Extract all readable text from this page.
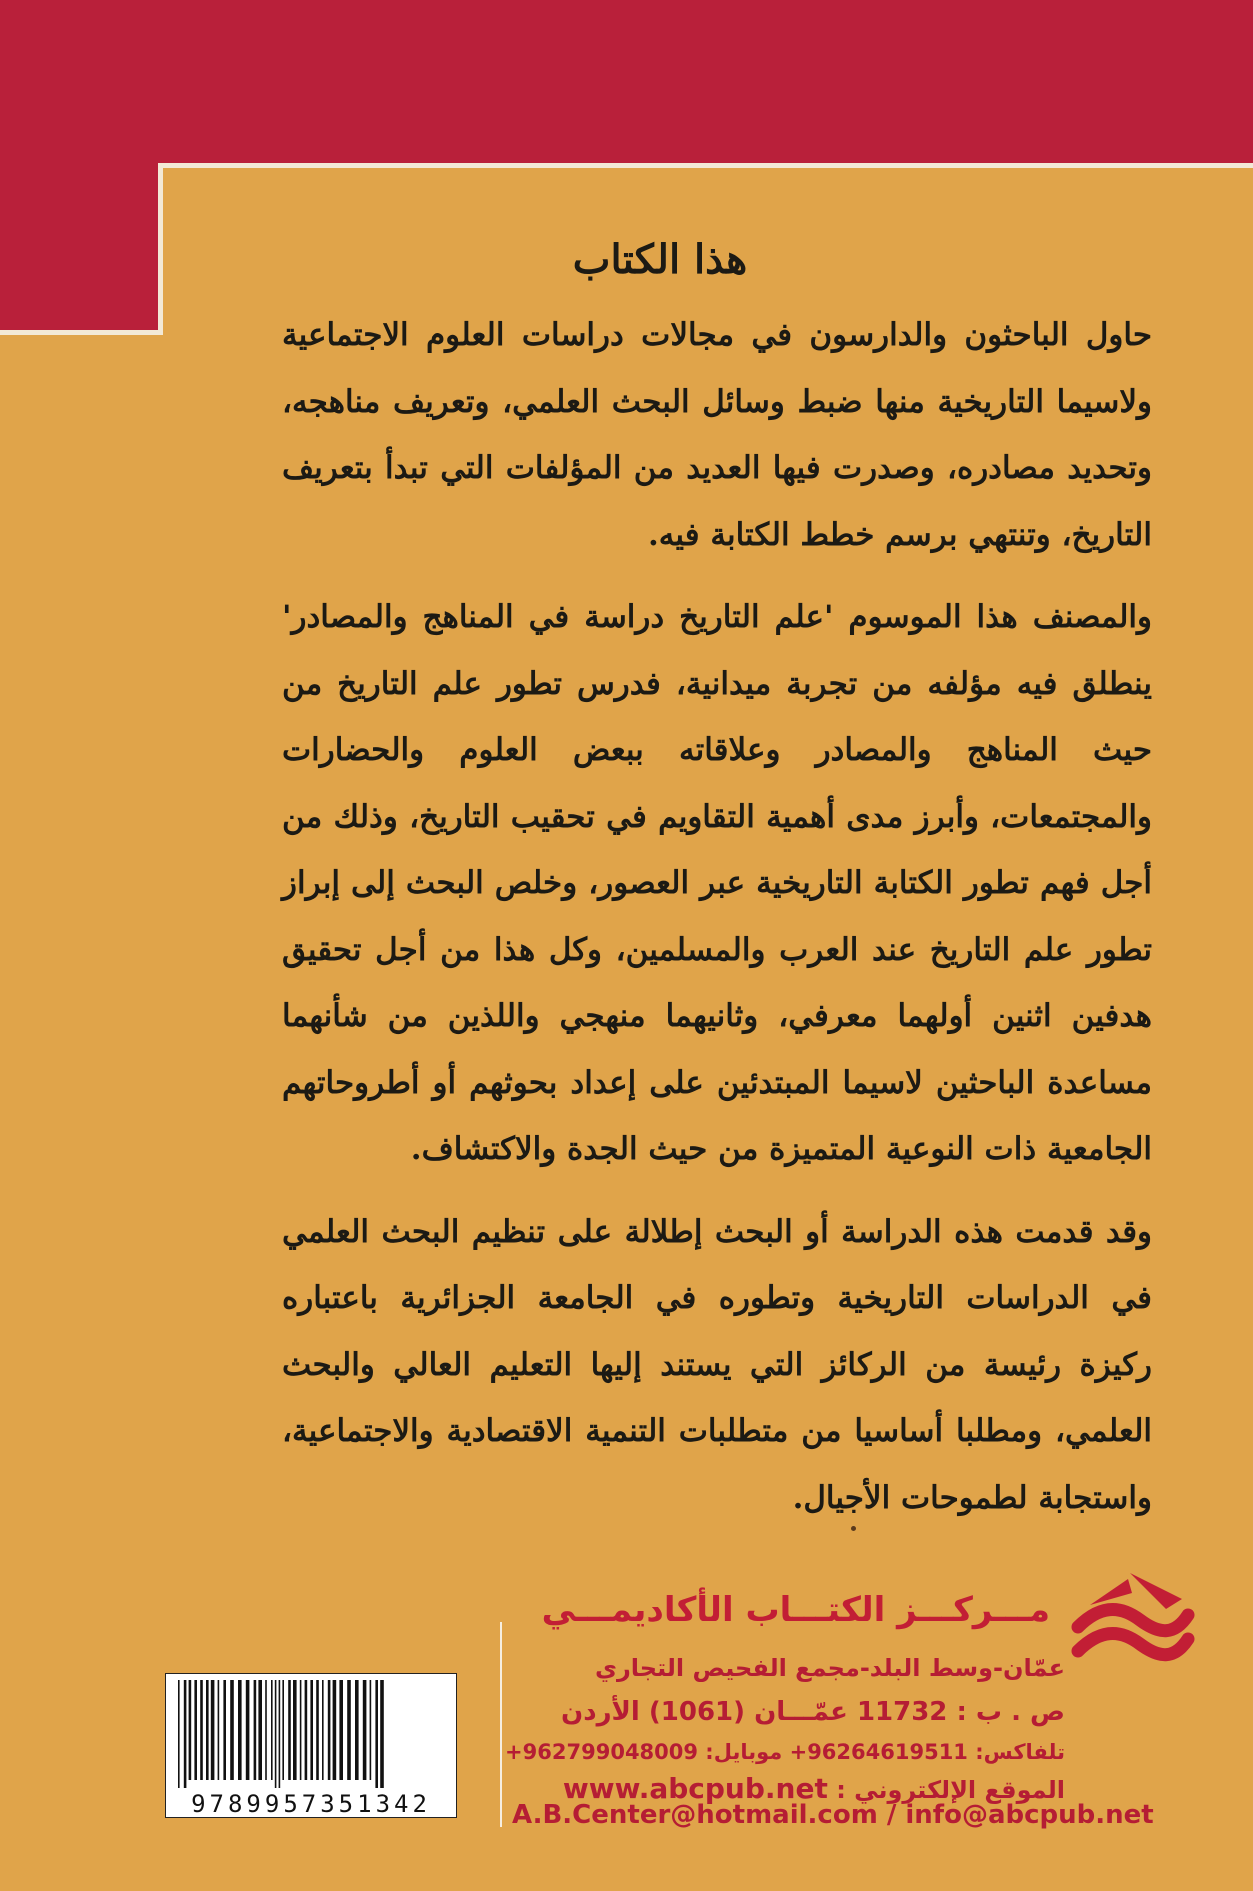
هذا الكتاب

حاول الباحثون والدارسون في مجالات دراسات العلوم الاجتماعية ولاسيما التاريخية منها ضبط وسائل البحث العلمي، وتعريف مناهجه، وتحديد مصادره، وصدرت فيها العديد من المؤلفات التي تبدأ بتعريف التاريخ، وتنتهي برسم خطط الكتابة فيه.

والمصنف هذا الموسوم 'علم التاريخ دراسة في المناهج والمصادر' ينطلق فيه مؤلفه من تجربة ميدانية، فدرس تطور علم التاريخ من حيث المناهج والمصادر وعلاقاته ببعض العلوم والحضارات والمجتمعات، وأبرز مدى أهمية التقاويم في تحقيب التاريخ، وذلك من أجل فهم تطور الكتابة التاريخية عبر العصور، وخلص البحث إلى إبراز تطور علم التاريخ عند العرب والمسلمين، وكل هذا من أجل تحقيق هدفين اثنين أولهما معرفي، وثانيهما منهجي واللذين من شأنهما مساعدة الباحثين لاسيما المبتدئين على إعداد بحوثهم أو أطروحاتهم الجامعية ذات النوعية المتميزة من حيث الجدة والاكتشاف.

وقد قدمت هذه الدراسة أو البحث إطلالة على تنظيم البحث العلمي في الدراسات التاريخية وتطوره في الجامعة الجزائرية باعتباره ركيزة رئيسة من الركائز التي يستند إليها التعليم العالي والبحث العلمي، ومطلبا أساسيا من متطلبات التنمية الاقتصادية والاجتماعية، واستجابة لطموحات الأجيال.

9789957351342
مـــركـــز الكتـــاب الأكاديمـــي
عمّان-وسط البلد-مجمع الفحيص التجاري
ص . ب : 11732 عمّـــان (1061) الأردن
تلفاكس: 96264619511+ موبايل: 962799048009+
الموقع الإلكتروني : www.abcpub.net
A.B.Center@hotmail.com / info@abcpub.net
